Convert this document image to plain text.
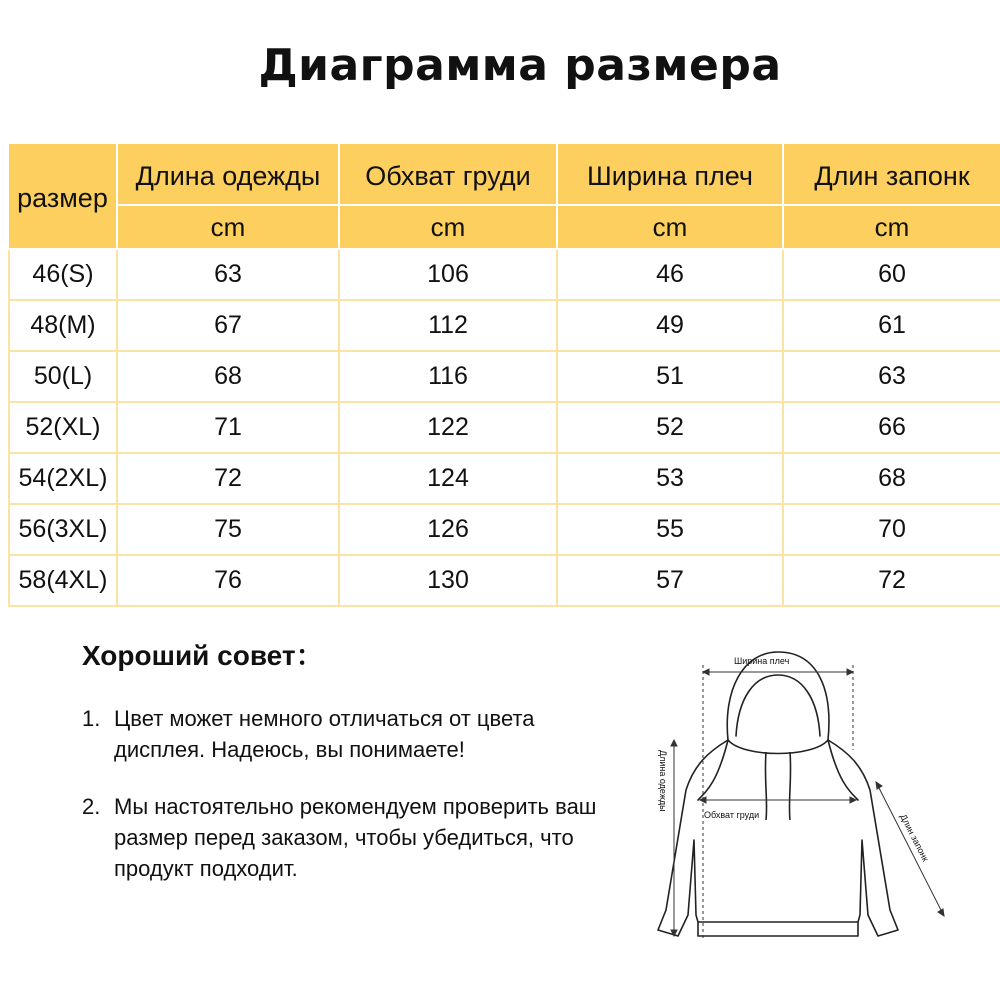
Диаграмма размера
размер	Длина одежды	Обхват груди	Ширина плеч	Длин запонк
	cm	cm	cm	cm
46(S)	63	106	46	60
48(M)	67	112	49	61
50(L)	68	116	51	63
52(XL)	71	122	52	66
54(2XL)	72	124	53	68
56(3XL)	75	126	55	70
58(4XL)	76	130	57	72
Хороший совет：
1. Цвет может немного отличаться от цвета дисплея. Надеюсь, вы понимаете!
2. Мы настоятельно рекомендуем проверить ваш размер перед заказом, чтобы убедиться, что продукт подходит.
Ширина плеч
Длина одежды
Обхват груди	Длин запонк
